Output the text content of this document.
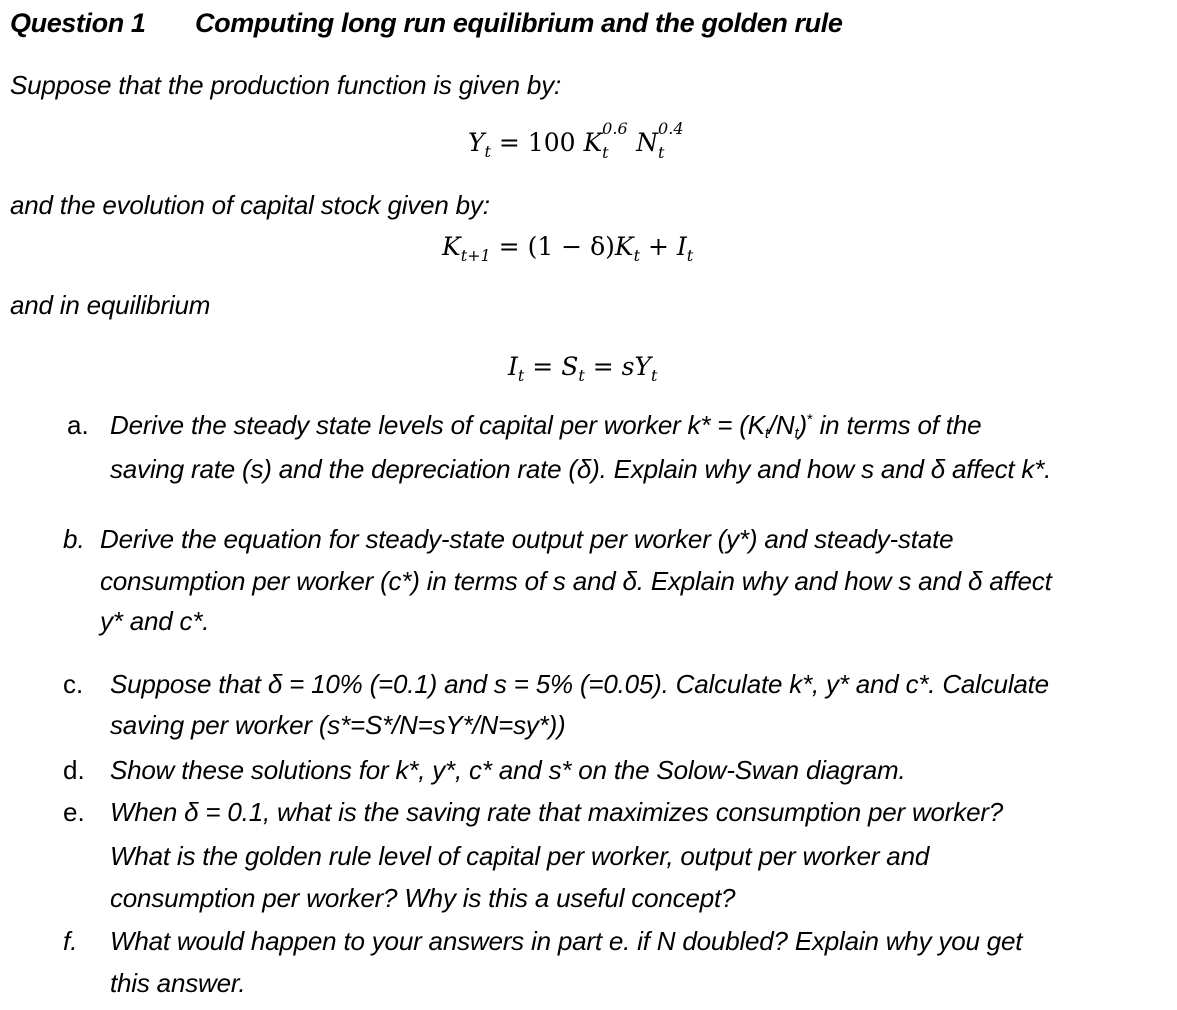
Question 1 Computing long run equilibrium and the golden rule
Suppose that the production function is given by:
$Y_t = 100$ K 0.6
t N 0.4
t
and the evolution of capital stock given by:
$K_{t+1} = (1 - \delta)K_t + I_t$
and in equilibrium
$I_t = S_t = sY_t$
a. Derive the steady state levels of capital per worker k* = (Kt/Nt)* in terms of the
saving rate (s) and the depreciation rate (δ). Explain why and how s and δ affect k*.
b. Derive the equation for steady-state output per worker (y*) and steady-state
consumption per worker (c*) in terms of s and δ. Explain why and how s and δ affect
y* and c*.
c. Suppose that δ = 10% (=0.1) and s = 5% (=0.05). Calculate k*, y* and c*. Calculate
saving per worker (s*=S*/N=sY*/N=sy*))
d. Show these solutions for k*, y*, c* and s* on the Solow-Swan diagram.
e. When δ = 0.1, what is the saving rate that maximizes consumption per worker?
What is the golden rule level of capital per worker, output per worker and
consumption per worker? Why is this a useful concept?
f. What would happen to your answers in part e. if N doubled? Explain why you get
this answer.
